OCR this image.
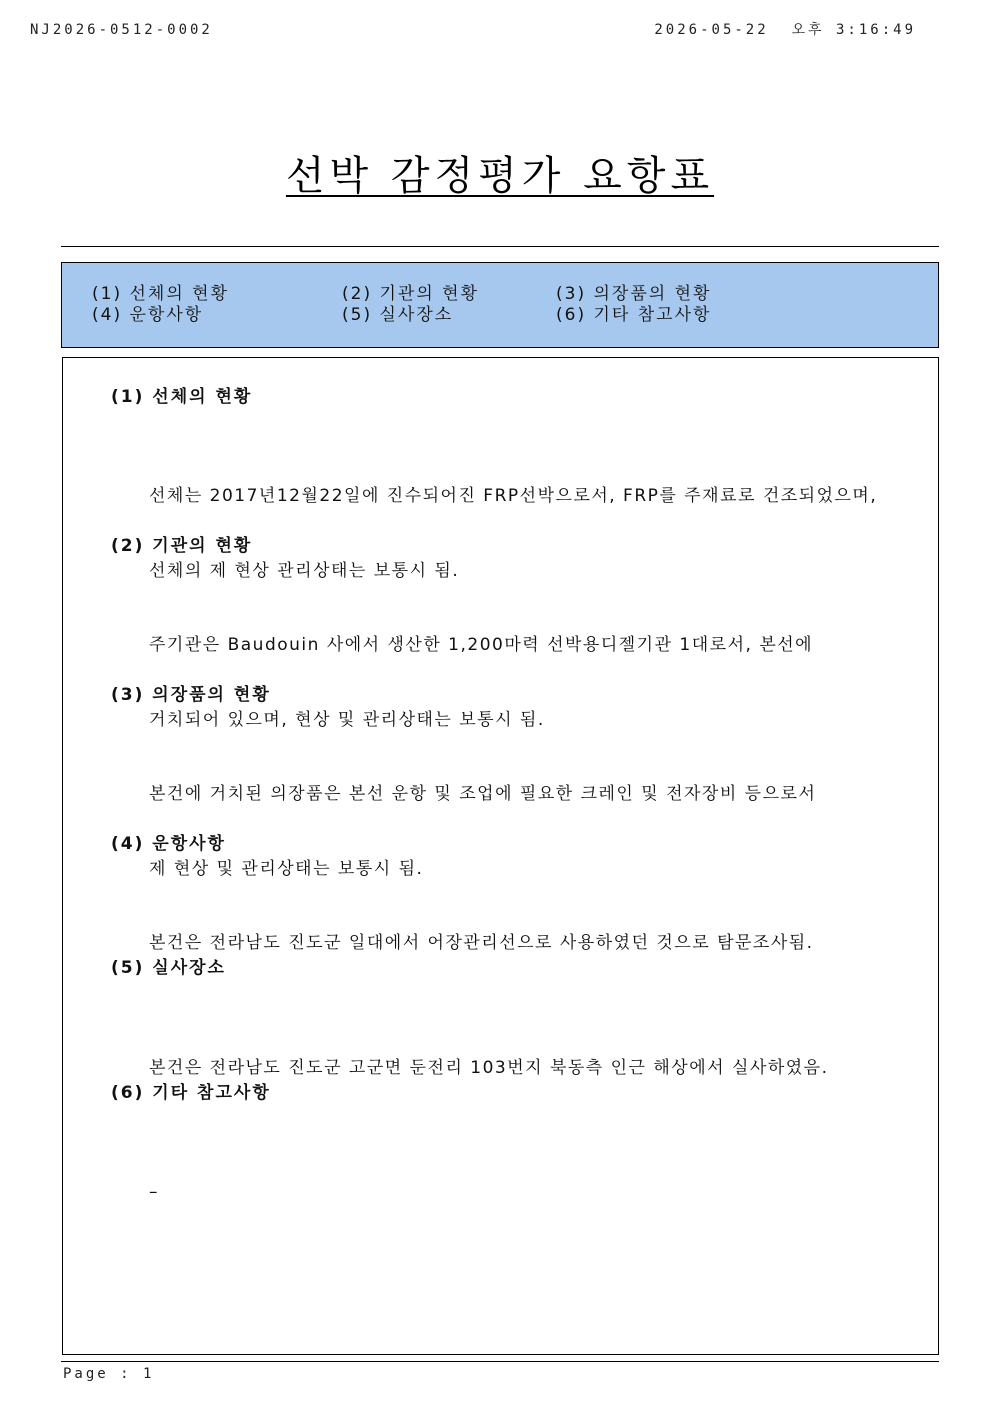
NJ2026-0512-0002	2026-05-22  오후 3:16:49
선박 감정평가 요항표
(1) 선체의 현황	(2) 기관의 현황	(3) 의장품의 현황
(4) 운항사항	(5) 실사장소	(6) 기타 참고사항
(1) 선체의 현황

선체는 2017년12월22일에 진수되어진 FRP선박으로서, FRP를 주재료로 건조되었으며,

선체의 제 현상 관리상태는 보통시 됨.

(2) 기관의 현황

주기관은 Baudouin 사에서 생산한 1,200마력 선박용디젤기관 1대로서, 본선에

거치되어 있으며, 현상 및 관리상태는 보통시 됨.

(3) 의장품의 현황

본건에 거치된 의장품은 본선 운항 및 조업에 필요한 크레인 및 전자장비 등으로서

제 현상 및 관리상태는 보통시 됨.

(4) 운항사항

본건은 전라남도 진도군 일대에서 어장관리선으로 사용하였던 것으로 탐문조사됨.

(5) 실사장소

본건은 전라남도 진도군 고군면 둔전리 103번지 북동측 인근 해상에서 실사하였음.

(6) 기타 참고사항

–

Page : 1
